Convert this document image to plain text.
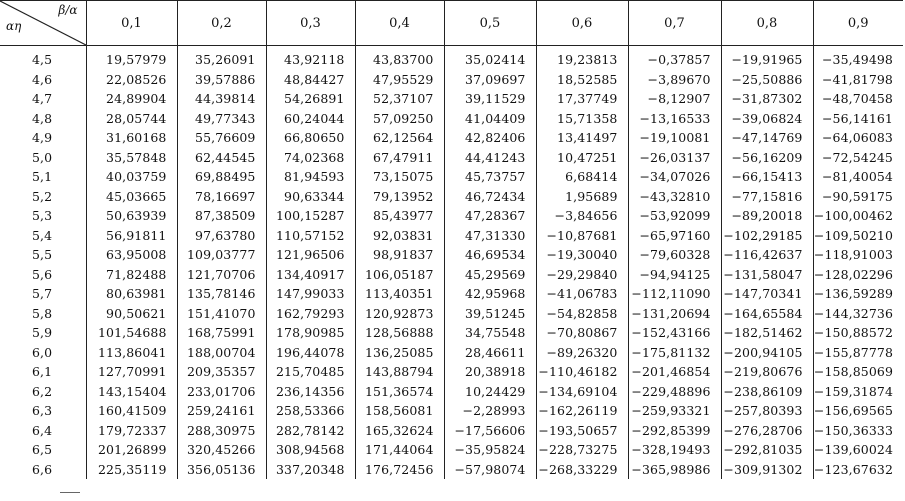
β/α
αη	0,1	0,2	0,3	0,4	0,5	0,6	0,7	0,8	0,9
4,5	19,57979	35,26091	43,92118	43,83700	35,02414	19,23813	−0,37857	−19,91965	−35,49498
4,6	22,08526	39,57886	48,84427	47,95529	37,09697	18,52585	−3,89670	−25,50886	−41,81798
4,7	24,89904	44,39814	54,26891	52,37107	39,11529	17,37749	−8,12907	−31,87302	−48,70458
4,8	28,05744	49,77343	60,24044	57,09250	41,04409	15,71358	−13,16533	−39,06824	−56,14161
4,9	31,60168	55,76609	66,80650	62,12564	42,82406	13,41497	−19,10081	−47,14769	−64,06083
5,0	35,57848	62,44545	74,02368	67,47911	44,41243	10,47251	−26,03137	−56,16209	−72,54245
5,1	40,03759	69,88495	81,94593	73,15075	45,73757	6,68414	−34,07026	−66,15413	−81,40054
5,2	45,03665	78,16697	90,63344	79,13952	46,72434	1,95689	−43,32810	−77,15816	−90,59175
5,3	50,63939	87,38509	100,15287	85,43977	47,28367	−3,84656	−53,92099	−89,20018	−100,00462
5,4	56,91811	97,63780	110,57152	92,03831	47,31330	−10,87681	−65,97160	−102,29185	−109,50210
5,5	63,95008	109,03777	121,96506	98,91837	46,69534	−19,30040	−79,60328	−116,42637	−118,91003
5,6	71,82488	121,70706	134,40917	106,05187	45,29569	−29,29840	−94,94125	−131,58047	−128,02296
5,7	80,63981	135,78146	147,99033	113,40351	42,95968	−41,06783	−112,11090	−147,70341	−136,59289
5,8	90,50621	151,41070	162,79293	120,92873	39,51245	−54,82858	−131,20694	−164,65584	−144,32736
5,9	101,54688	168,75991	178,90985	128,56888	34,75548	−70,80867	−152,43166	−182,51462	−150,88572
6,0	113,86041	188,00704	196,44078	136,25085	28,46611	−89,26320	−175,81132	−200,94105	−155,87778
6,1	127,70991	209,35357	215,70485	143,88794	20,38918	−110,46182	−201,46854	−219,80676	−158,85069
6,2	143,15404	233,01706	236,14356	151,36574	10,24429	−134,69104	−229,48896	−238,86109	−159,31874
6,3	160,41509	259,24161	258,53366	158,56081	−2,28993	−162,26119	−259,93321	−257,80393	−156,69565
6,4	179,72337	288,30975	282,78142	165,32624	−17,56606	−193,50657	−292,85399	−276,28706	−150,36333
6,5	201,26899	320,45266	308,94568	171,44064	−35,95824	−228,73275	−328,19493	−292,81035	−139,60024
6,6	225,35119	356,05136	337,20348	176,72456	−57,98074	−268,33229	−365,98986	−309,91302	−123,67632
